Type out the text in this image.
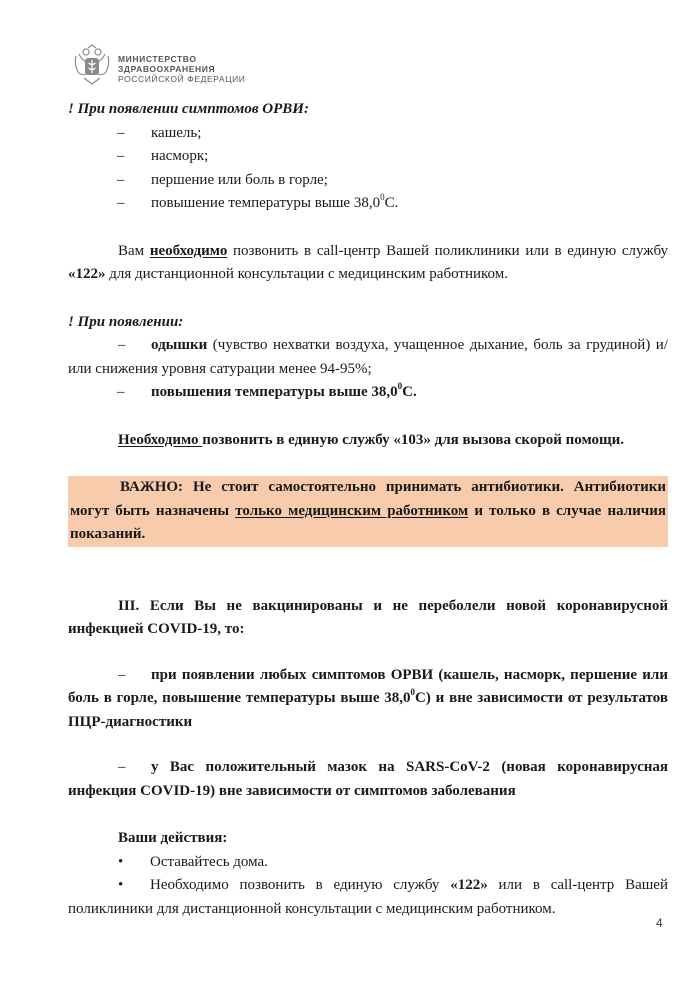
МИНИСТЕРСТВО
ЗДРАВООХРАНЕНИЯ
РОССИЙСКОЙ ФЕДЕРАЦИИ

! При появлении симптомов ОРВИ:

– кашель;

– насморк;

– першение или боль в горле;

– повышение температуры выше 38,0$^0$С.

Вам необходимо позвонить в call-центр Вашей поликлиники или в единую службу «122» для дистанционной консультации с медицинским работником.

! При появлении:

– одышки (чувство нехватки воздуха, учащенное дыхание, боль за грудиной) и/или снижения уровня сатурации менее 94-95%;

– повышения температуры выше 38,0$^0$С.

Необходимо позвонить в единую службу «103» для вызова скорой помощи.

ВАЖНО: Не стоит самостоятельно принимать антибиотики. Антибиотики могут быть назначены только медицинским работником и только в случае наличия показаний.

III. Если Вы не вакцинированы и не переболели новой коронавирусной инфекцией COVID-19, то:

– при появлении любых симптомов ОРВИ (кашель, насморк, першение или боль в горле, повышение температуры выше 38,0$^0$С) и вне зависимости от результатов ПЦР-диагностики

– у Вас положительный мазок на SARS-CoV-2 (новая коронавирусная инфекция COVID-19) вне зависимости от симптомов заболевания

Ваши действия:

• Оставайтесь дома.

• Необходимо позвонить в единую службу «122» или в call-центр Вашей поликлиники для дистанционной консультации с медицинским работником.

4
